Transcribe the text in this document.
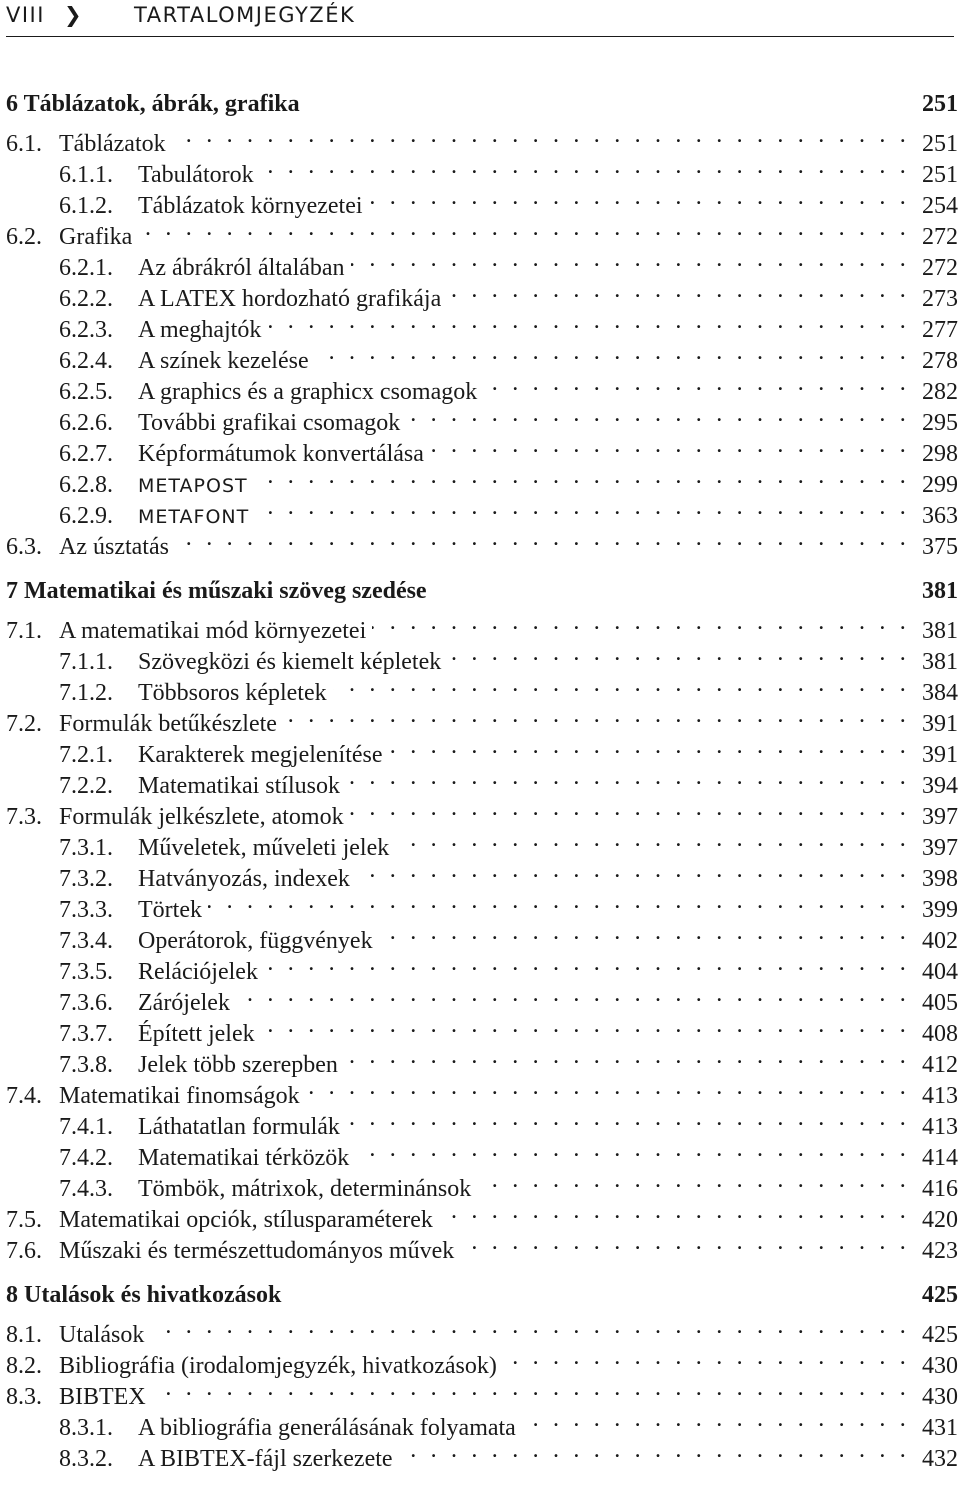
VIII ❯ TARTALOMJEGYZÉK
6 Táblázatok, ábrák, grafika	251
6.1. Táblázatok . . .	251
6.1.1.	Tabulátorok . . .	251
6.1.2.	Táblázatok környezetei . . .	254
6.2. Grafika . . .	272
6.2.1.	Az ábrákról általában . . .	272
6.2.2.	A LATEX hordozható grafikája . . .	273
6.2.3.	A meghajtók . . .	277
6.2.4.	A színek kezelése . . .	278
6.2.5.	A graphics és a graphicx csomagok . . .	282
6.2.6.	További grafikai csomagok . . .	295
6.2.7.	Képformátumok konvertálása . . .	298
6.2.8.	METAPOST . . .	299
6.2.9.	METAFONT . . .	363
6.3. Az úsztatás . . .	375
7 Matematikai és műszaki szöveg szedése	381
7.1. A matematikai mód környezetei . . .	381
7.1.1.	Szövegközi és kiemelt képletek . . .	381
7.1.2.	Többsoros képletek . . .	384
7.2. Formulák betűkészlete . . .	391
7.2.1.	Karakterek megjelenítése . . .	391
7.2.2.	Matematikai stílusok . . .	394
7.3. Formulák jelkészlete, atomok . . .	397
7.3.1.	Műveletek, műveleti jelek . . .	397
7.3.2.	Hatványozás, indexek . . .	398
7.3.3.	Törtek . . .	399
7.3.4.	Operátorok, függvények . . .	402
7.3.5.	Relációjelek . . .	404
7.3.6.	Zárójelek . . .	405
7.3.7.	Épített jelek . . .	408
7.3.8.	Jelek több szerepben . . .	412
7.4. Matematikai finomságok . . .	413
7.4.1.	Láthatatlan formulák . . .	413
7.4.2.	Matematikai térközök . . .	414
7.4.3.	Tömbök, mátrixok, determinánsok . . .	416
7.5. Matematikai opciók, stílusparaméterek . . .	420
7.6. Műszaki és természettudományos művek . . .	423
8 Utalások és hivatkozások	425
8.1. Utalások . . .	425
8.2. Bibliográfia (irodalomjegyzék, hivatkozások) . . .	430
8.3. BIBTEX . . .	430
8.3.1.	A bibliográfia generálásának folyamata . . .	431
8.3.2.	A BIBTEX-fájl szerkezete . . .	432
